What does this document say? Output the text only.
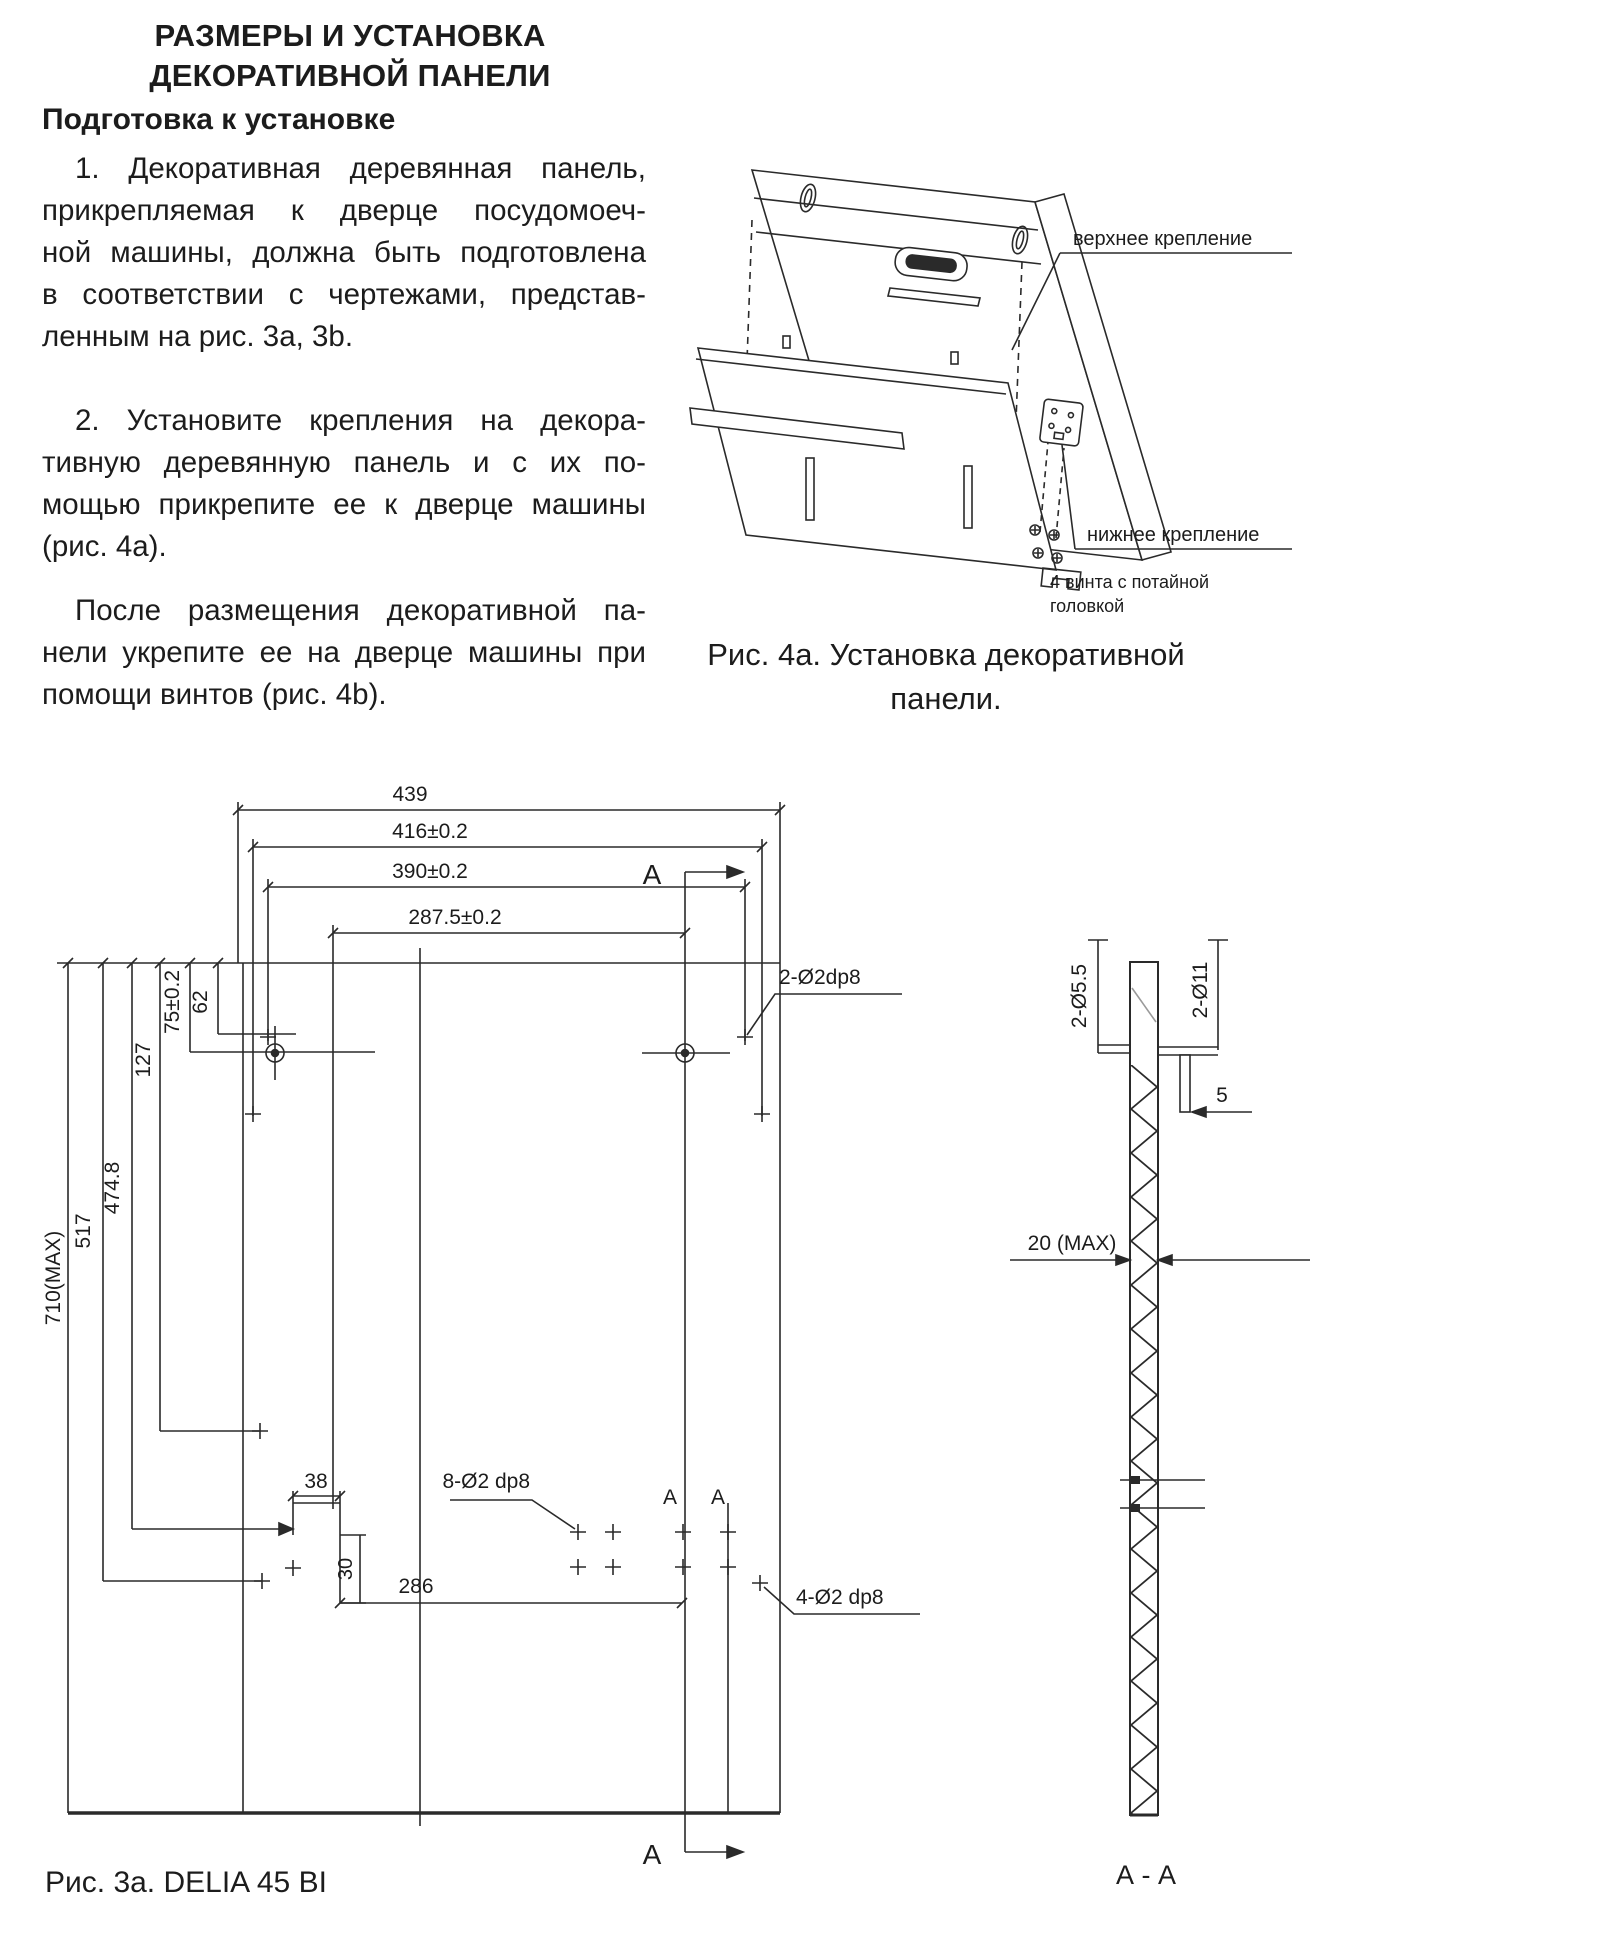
РАЗМЕРЫ И УСТАНОВКА
ДЕКОРАТИВНОЙ ПАНЕЛИ
Подготовка к установке
1. Декоративная деревянная панель,
прикрепляемая к дверце посудомоеч-
ной машины, должна быть подготовлена
в соответствии с чертежами, представ-
ленным на рис. 3а, 3b.
2. Установите крепления на декора-
тивную деревянную панель и с их по-
мощью прикрепите ее к дверце машины
(рис. 4а).
После размещения декоративной па-
нели укрепите ее на дверце машины при
помощи винтов (рис. 4b).
верхнее крепление
нижнее крепление
4 винта с потайной
головкой
Рис. 4а. Установка декоративной
панели.
439
416±0.2
390±0.2
287.5±0.2
710(MAX) 517
474.8
127
75±0.2 62
38
30
286
2-Ø2dp8
8-Ø2 dp8
4-Ø2 dp8
A
A
A A
2-Ø5.5	2-Ø11
5
20 (MAX)
Рис. 3а. DELIA 45 BI	А - А
